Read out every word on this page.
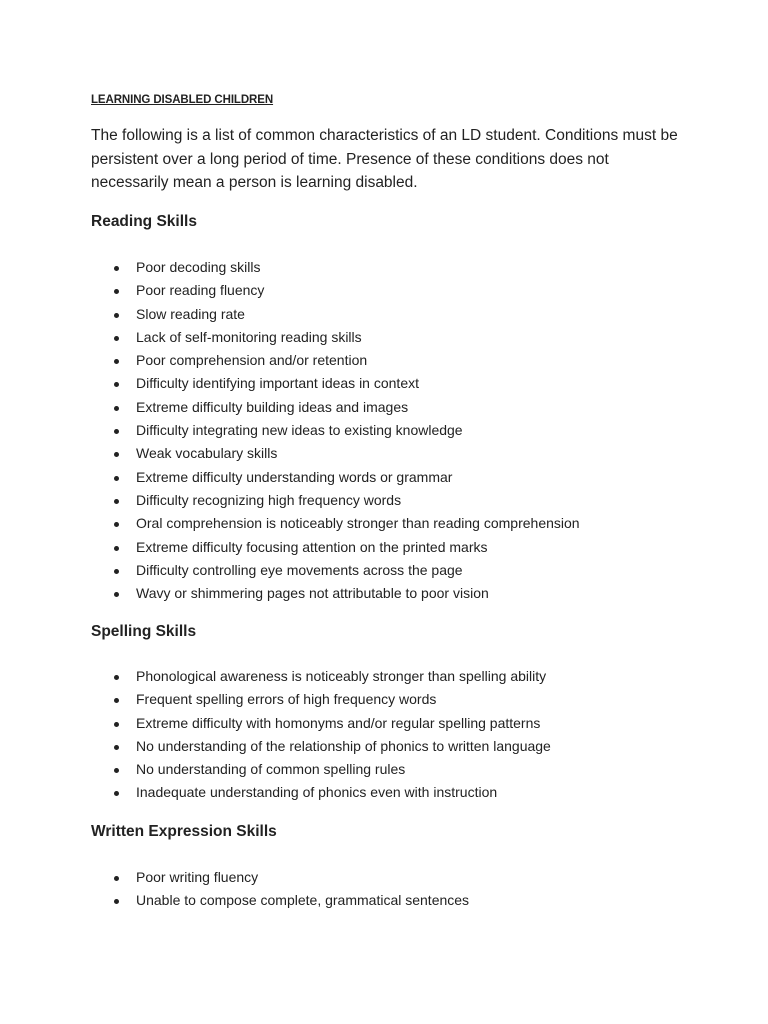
LEARNING DISABLED CHILDREN

The following is a list of common characteristics of an LD student. Conditions must be persistent over a long period of time. Presence of these conditions does not necessarily mean a person is learning disabled.

Reading Skills
Poor decoding skills
Poor reading fluency
Slow reading rate
Lack of self-monitoring reading skills
Poor comprehension and/or retention
Difficulty identifying important ideas in context
Extreme difficulty building ideas and images
Difficulty integrating new ideas to existing knowledge
Weak vocabulary skills
Extreme difficulty understanding words or grammar
Difficulty recognizing high frequency words
Oral comprehension is noticeably stronger than reading comprehension
Extreme difficulty focusing attention on the printed marks
Difficulty controlling eye movements across the page
Wavy or shimmering pages not attributable to poor vision
Spelling Skills
Phonological awareness is noticeably stronger than spelling ability
Frequent spelling errors of high frequency words
Extreme difficulty with homonyms and/or regular spelling patterns
No understanding of the relationship of phonics to written language
No understanding of common spelling rules
Inadequate understanding of phonics even with instruction
Written Expression Skills
Poor writing fluency
Unable to compose complete, grammatical sentences
